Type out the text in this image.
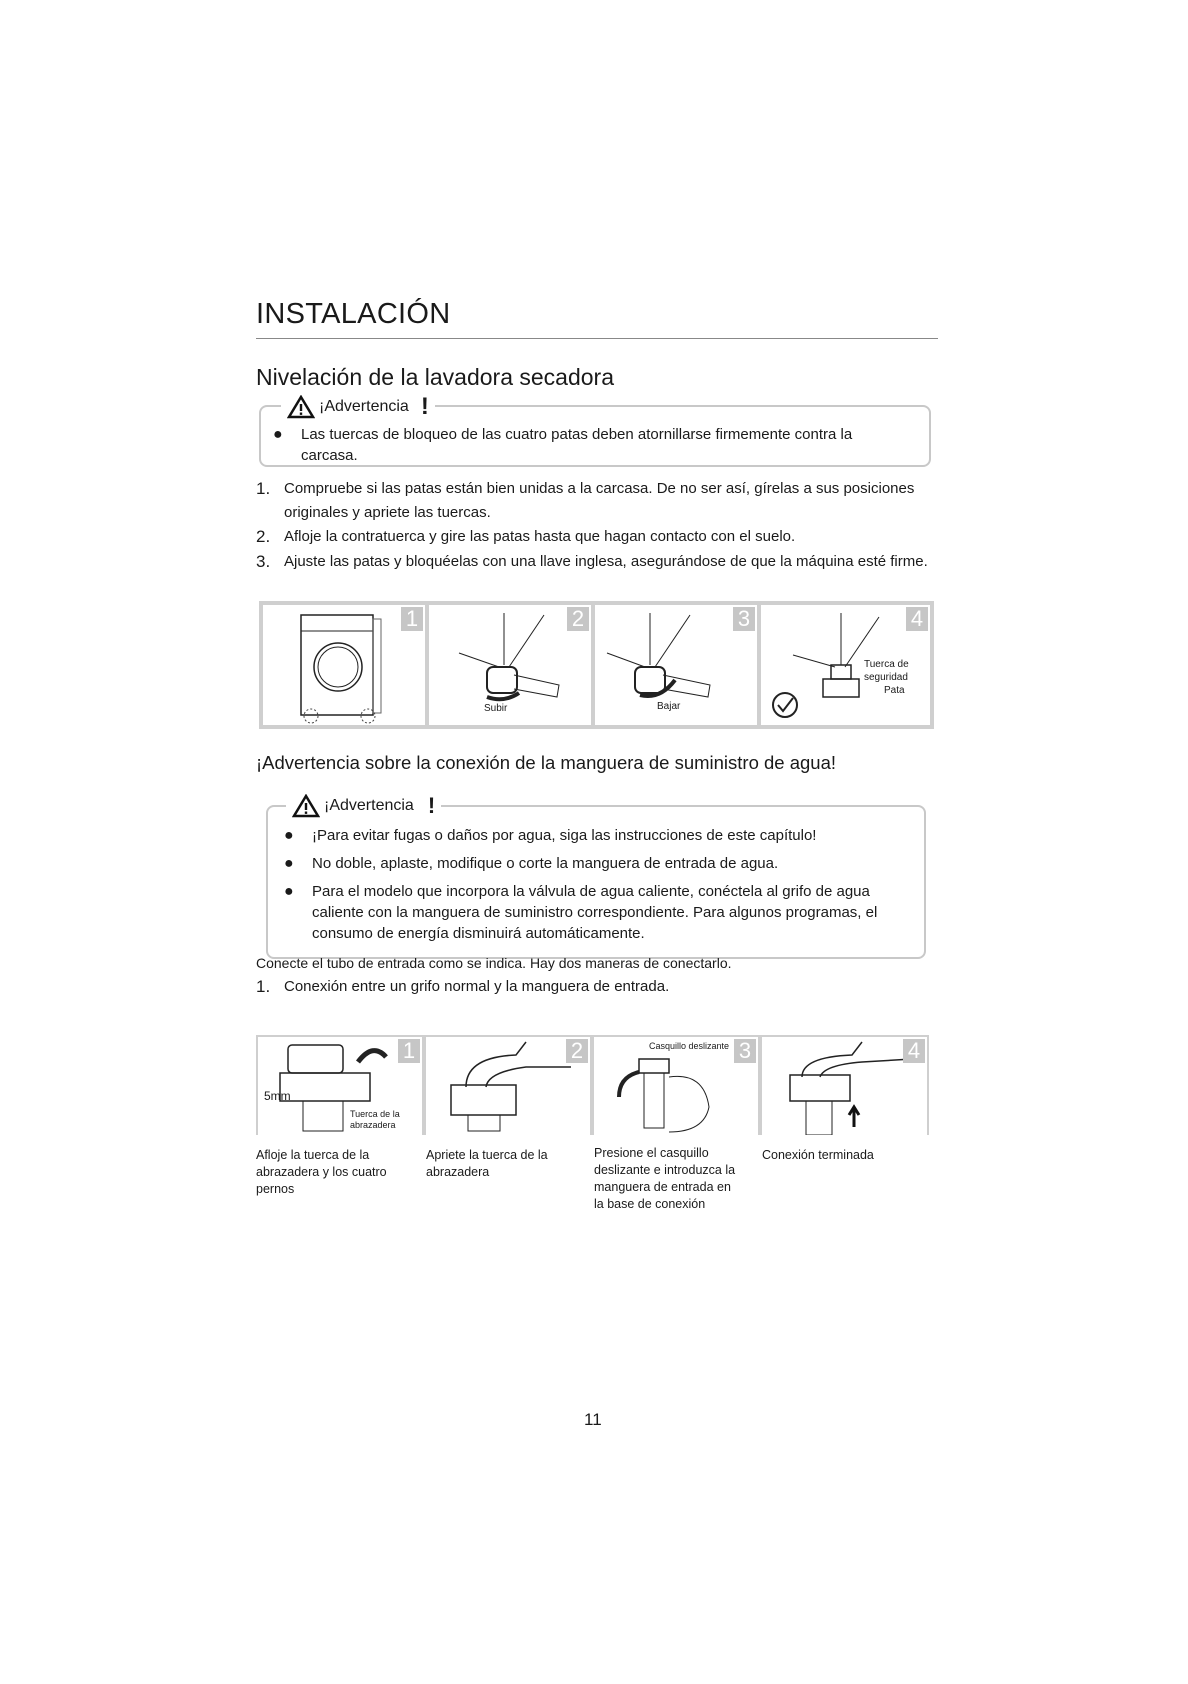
INSTALACIÓN
Nivelación de la lavadora secadora
¡Advertencia !
● Las tuercas de bloqueo de las cuatro patas deben atornillarse firmemente contra la carcasa.
1. Compruebe si las patas están bien unidas a la carcasa. De no ser así, gírelas a sus posiciones originales y apriete las tuercas.
2. Afloje la contratuerca y gire las patas hasta que hagan contacto con el suelo.
3. Ajuste las patas y bloquéelas con una llave inglesa, asegurándose de que la máquina esté firme.
1	2
Subir
3
Bajar
4
Tuerca de
seguridad
Pata
¡Advertencia sobre la conexión de la manguera de suministro de agua!
¡Advertencia !
● ¡Para evitar fugas o daños por agua, siga las instrucciones de este capítulo!
● No doble, aplaste, modifique o corte la manguera de entrada de agua.
● Para el modelo que incorpora la válvula de agua caliente, conéctela al grifo de agua caliente con la manguera de suministro correspondiente. Para algunos programas, el consumo de energía disminuirá automáticamente.
Conecte el tubo de entrada como se indica. Hay dos maneras de conectarlo.
1. Conexión entre un grifo normal y la manguera de entrada.
1
5mm
Tuerca de la
abrazadera
2	3
Casquillo deslizante	4
Afloje la tuerca de la abrazadera y los cuatro pernos
Apriete la tuerca de la abrazadera
Presione el casquillo deslizante e introduzca la manguera de entrada en la base de conexión
Conexión terminada
11
